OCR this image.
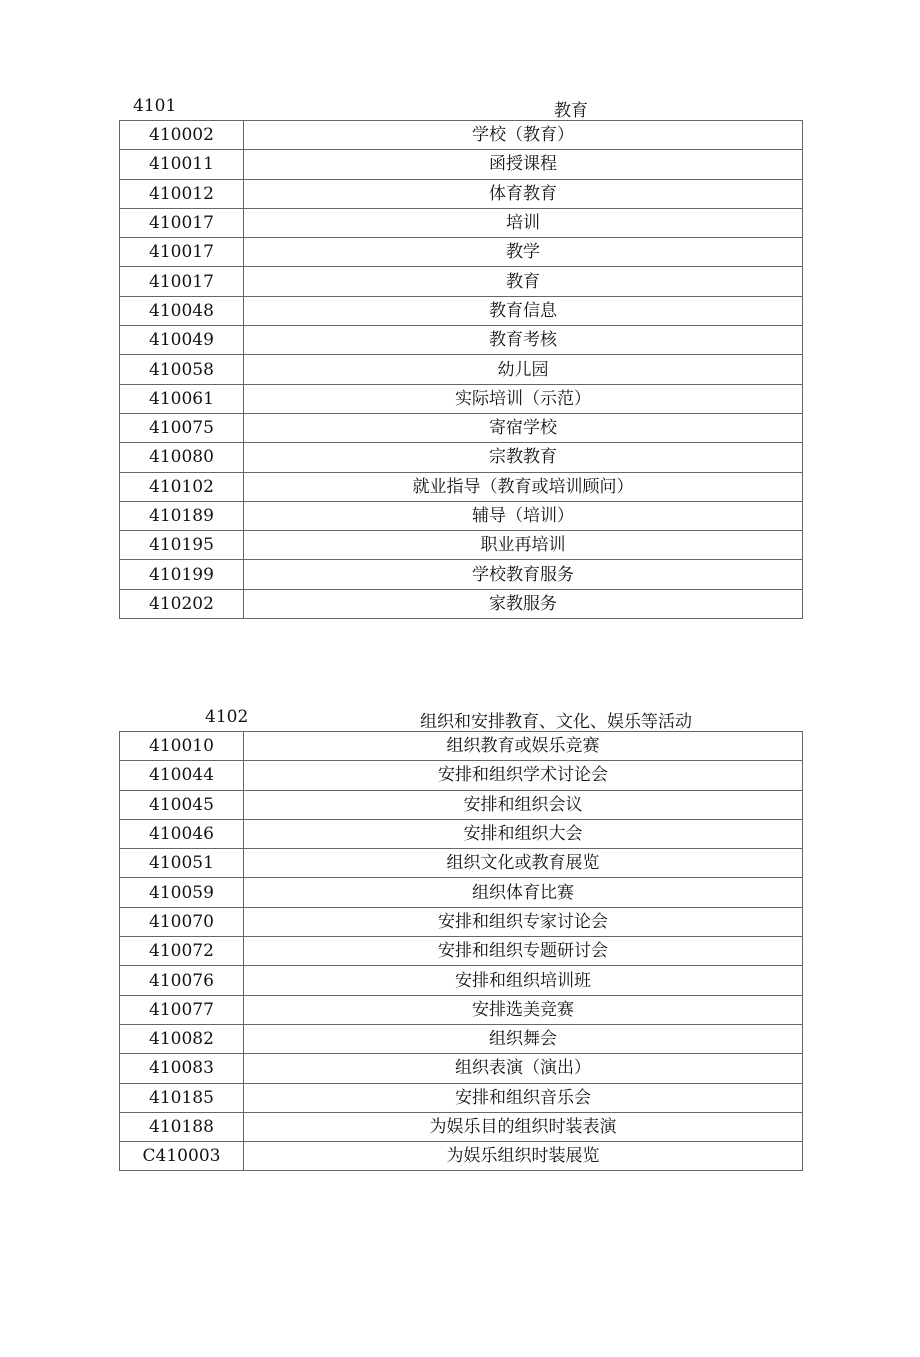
4101	教育
410002	学校（教育）
410011	函授课程
410012	体育教育
410017	培训
410017	教学
410017	教育
410048	教育信息
410049	教育考核
410058	幼儿园
410061	实际培训（示范）
410075	寄宿学校
410080	宗教教育
410102	就业指导（教育或培训顾问）
410189	辅导（培训）
410195	职业再培训
410199	学校教育服务
410202	家教服务
4102	组织和安排教育、文化、娱乐等活动
410010	组织教育或娱乐竞赛
410044	安排和组织学术讨论会
410045	安排和组织会议
410046	安排和组织大会
410051	组织文化或教育展览
410059	组织体育比赛
410070	安排和组织专家讨论会
410072	安排和组织专题研讨会
410076	安排和组织培训班
410077	安排选美竞赛
410082	组织舞会
410083	组织表演（演出）
410185	安排和组织音乐会
410188	为娱乐目的组织时装表演
C410003	为娱乐组织时装展览
